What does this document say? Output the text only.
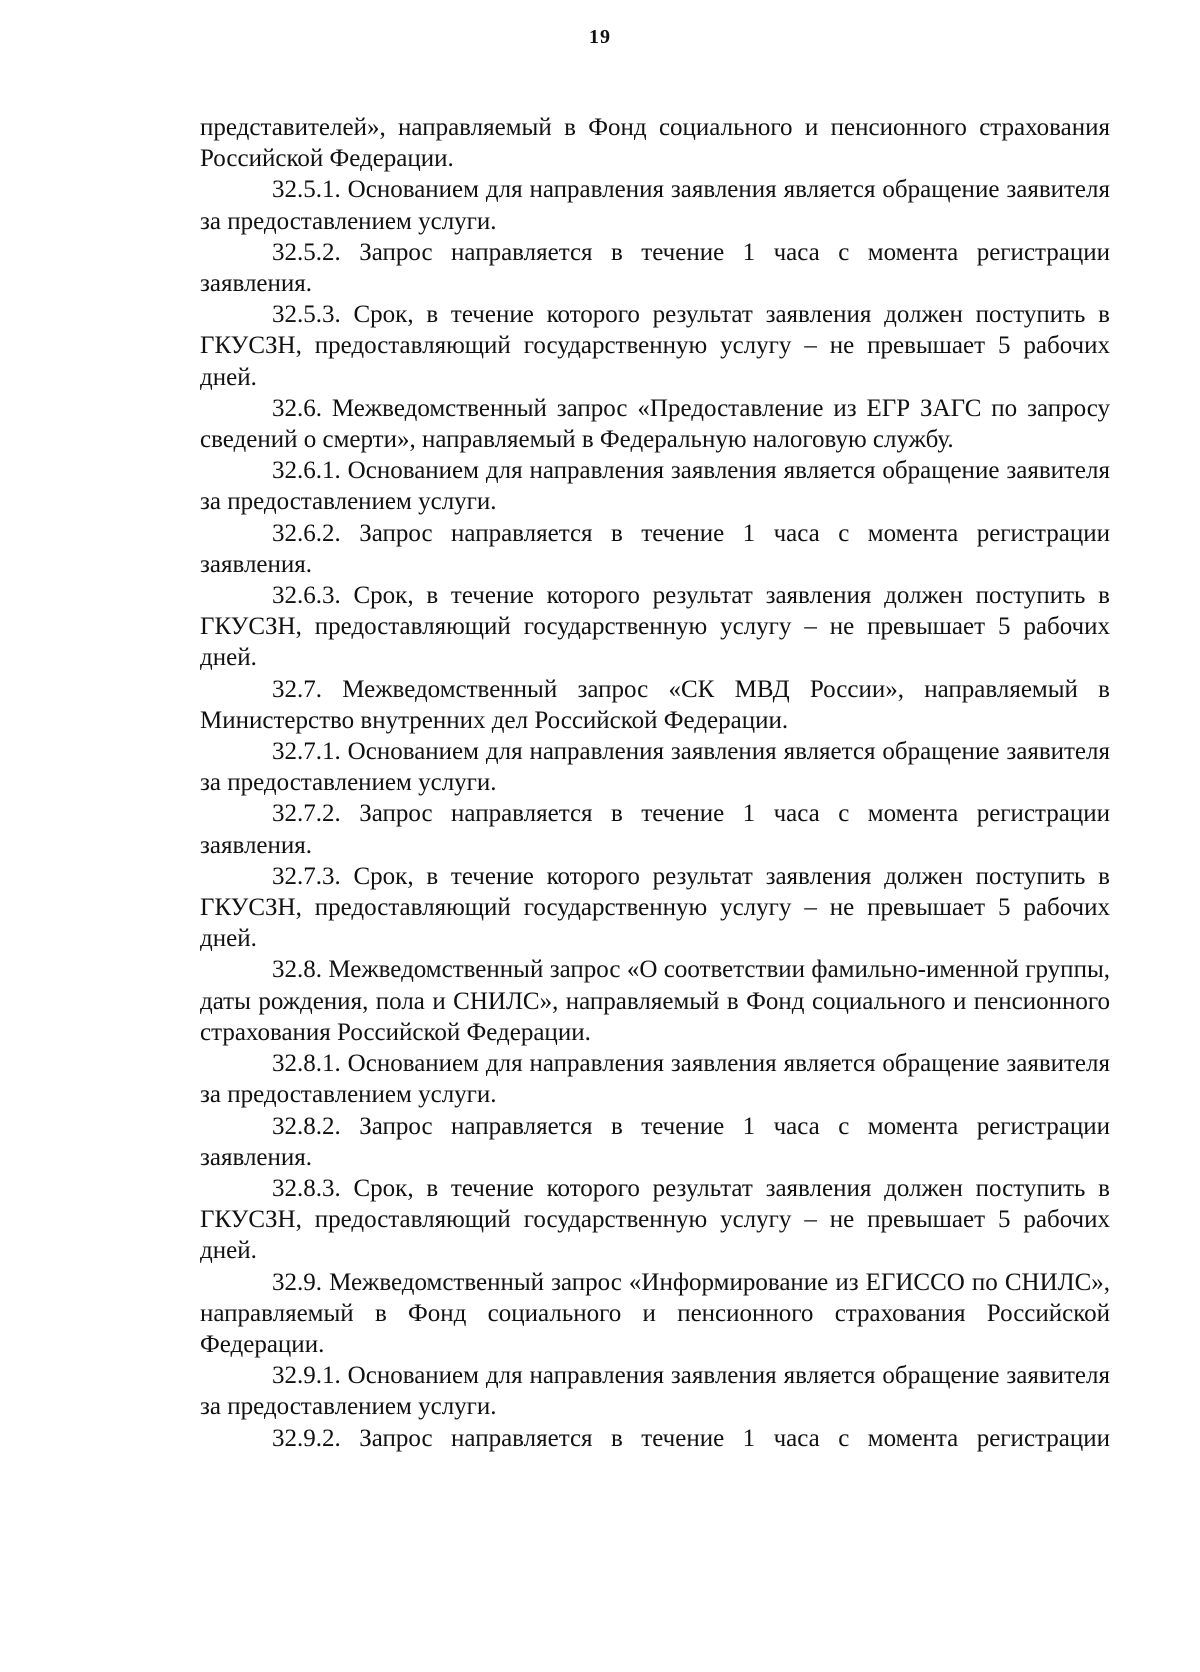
19

представителей», направляемый в Фонд социального и пенсионного страхования Российской Федерации.

32.5.1. Основанием для направления заявления является обращение заявителя за предоставлением услуги.

32.5.2. Запрос направляется в течение 1 часа с момента регистрации заявления.

32.5.3. Срок, в течение которого результат заявления должен поступить в ГКУСЗН, предоставляющий государственную услугу – не превышает 5 рабочих дней.

32.6. Межведомственный запрос «Предоставление из ЕГР ЗАГС по запросу сведений о смерти», направляемый в Федеральную налоговую службу.

32.6.1. Основанием для направления заявления является обращение заявителя за предоставлением услуги.

32.6.2. Запрос направляется в течение 1 часа с момента регистрации заявления.

32.6.3. Срок, в течение которого результат заявления должен поступить в ГКУСЗН, предоставляющий государственную услугу – не превышает 5 рабочих дней.

32.7. Межведомственный запрос «СК МВД России», направляемый в Министерство внутренних дел Российской Федерации.

32.7.1. Основанием для направления заявления является обращение заявителя за предоставлением услуги.

32.7.2. Запрос направляется в течение 1 часа с момента регистрации заявления.

32.7.3. Срок, в течение которого результат заявления должен поступить в ГКУСЗН, предоставляющий государственную услугу – не превышает 5 рабочих дней.

32.8. Межведомственный запрос «О соответствии фамильно-именной группы, даты рождения, пола и СНИЛС», направляемый в Фонд социального и пенсионного страхования Российской Федерации.

32.8.1. Основанием для направления заявления является обращение заявителя за предоставлением услуги.

32.8.2. Запрос направляется в течение 1 часа с момента регистрации заявления.

32.8.3. Срок, в течение которого результат заявления должен поступить в ГКУСЗН, предоставляющий государственную услугу – не превышает 5 рабочих дней.

32.9. Межведомственный запрос «Информирование из ЕГИССО по СНИЛС», направляемый в Фонд социального и пенсионного страхования Российской Федерации.

32.9.1. Основанием для направления заявления является обращение заявителя за предоставлением услуги.

32.9.2. Запрос направляется в течение 1 часа с момента регистрации
